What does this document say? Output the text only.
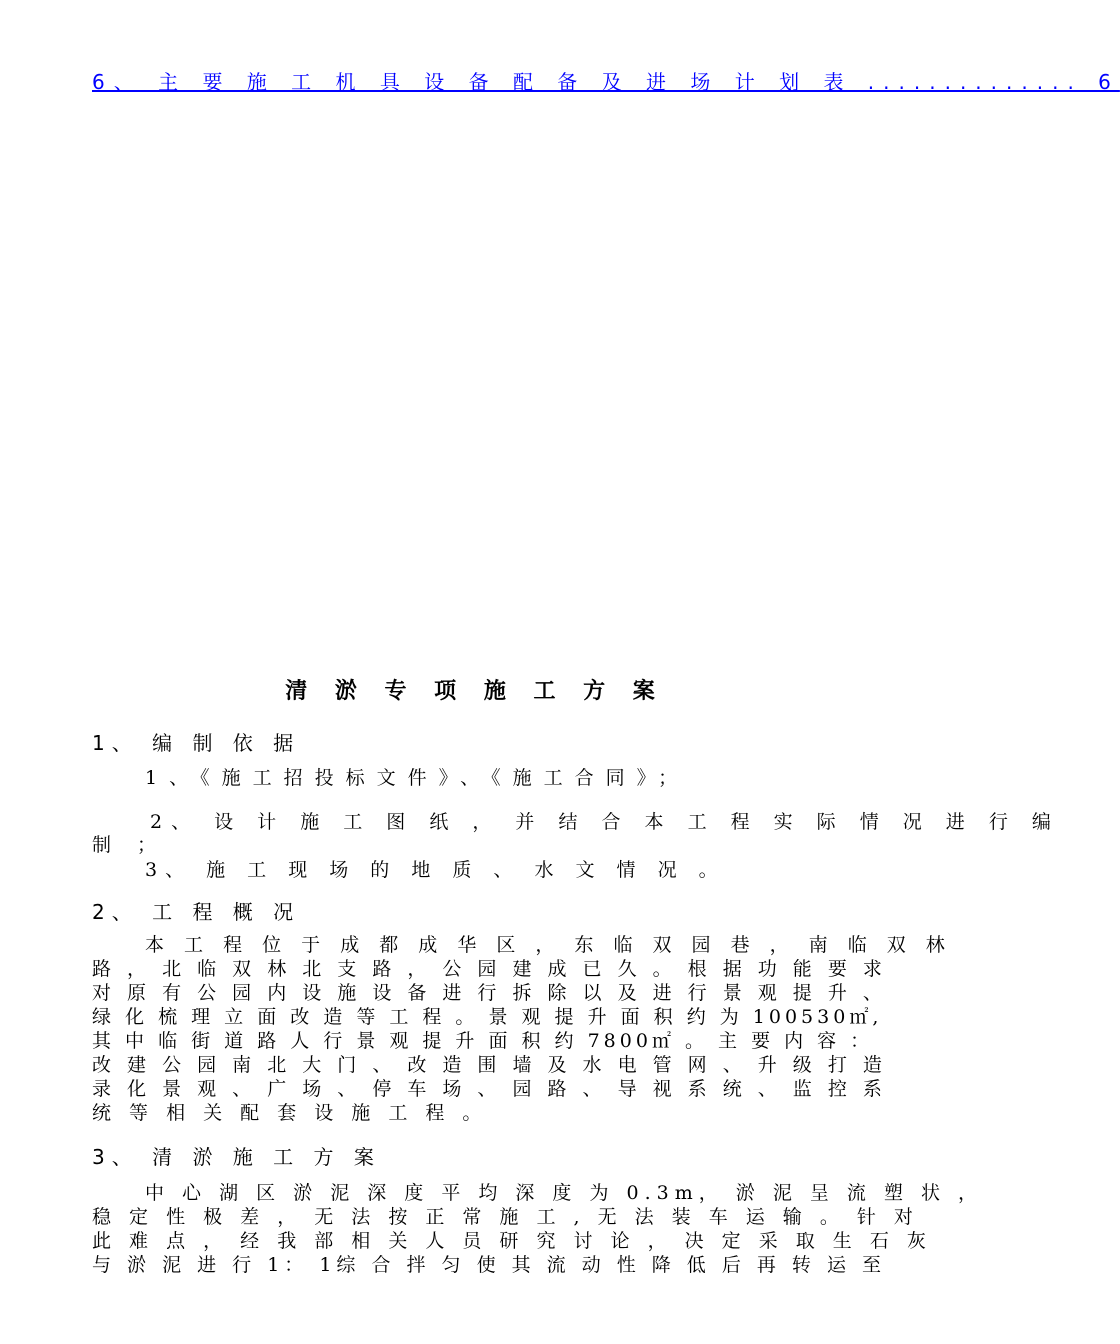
6、 主 要 施 工 机 具 设 备 配 备 及 进 场 计 划 表 .............. 6
清 淤 专 项 施 工 方 案
1、 编 制 依 据
1、《施工招投标文件》、《施工合同》；
2、 设 计 施 工 图 纸 ， 并 结 合 本 工 程 实 际 情 况 进 行 编
制 ；
3、 施 工 现 场 的 地 质 、 水 文 情 况 。
2、 工 程 概 况
本 工 程 位 于 成 都 成 华 区 ， 东 临 双 园 巷 ， 南 临 双 林
路 ， 北 临 双 林 北 支 路 ， 公 园 建 成 已 久 。 根 据 功 能 要 求
对 原 有 公 园 内 设 施 设 备 进 行 拆 除 以 及 进 行 景 观 提 升 、
绿 化 梳 理 立 面 改 造 等 工 程 。 景 观 提 升 面 积 约 为 100530㎡,
其 中 临 街 道 路 人 行 景 观 提 升 面 积 约 7800㎡ 。 主 要 内 容 ：
改 建 公 园 南 北 大 门 、 改 造 围 墙 及 水 电 管 网 、 升 级 打 造
录 化 景 观 、 广 场 、 停 车 场 、 园 路 、 导 视 系 统 、 监 控 系
统 等 相 关 配 套 设 施 工 程 。
3、 清 淤 施 工 方 案
中 心 湖 区 淤 泥 深 度 平 均 深 度 为 0.3m， 淤 泥 呈 流 塑 状 ，
稳 定 性 极 差 ， 无 法 按 正 常 施 工 , 无 法 装 车 运 输 。 针 对
此 难 点 ， 经 我 部 相 关 人 员 研 究 讨 论 ， 决 定 采 取 生 石 灰
与 淤 泥 进 行 1： 1综 合 拌 匀 使 其 流 动 性 降 低 后 再 转 运 至
